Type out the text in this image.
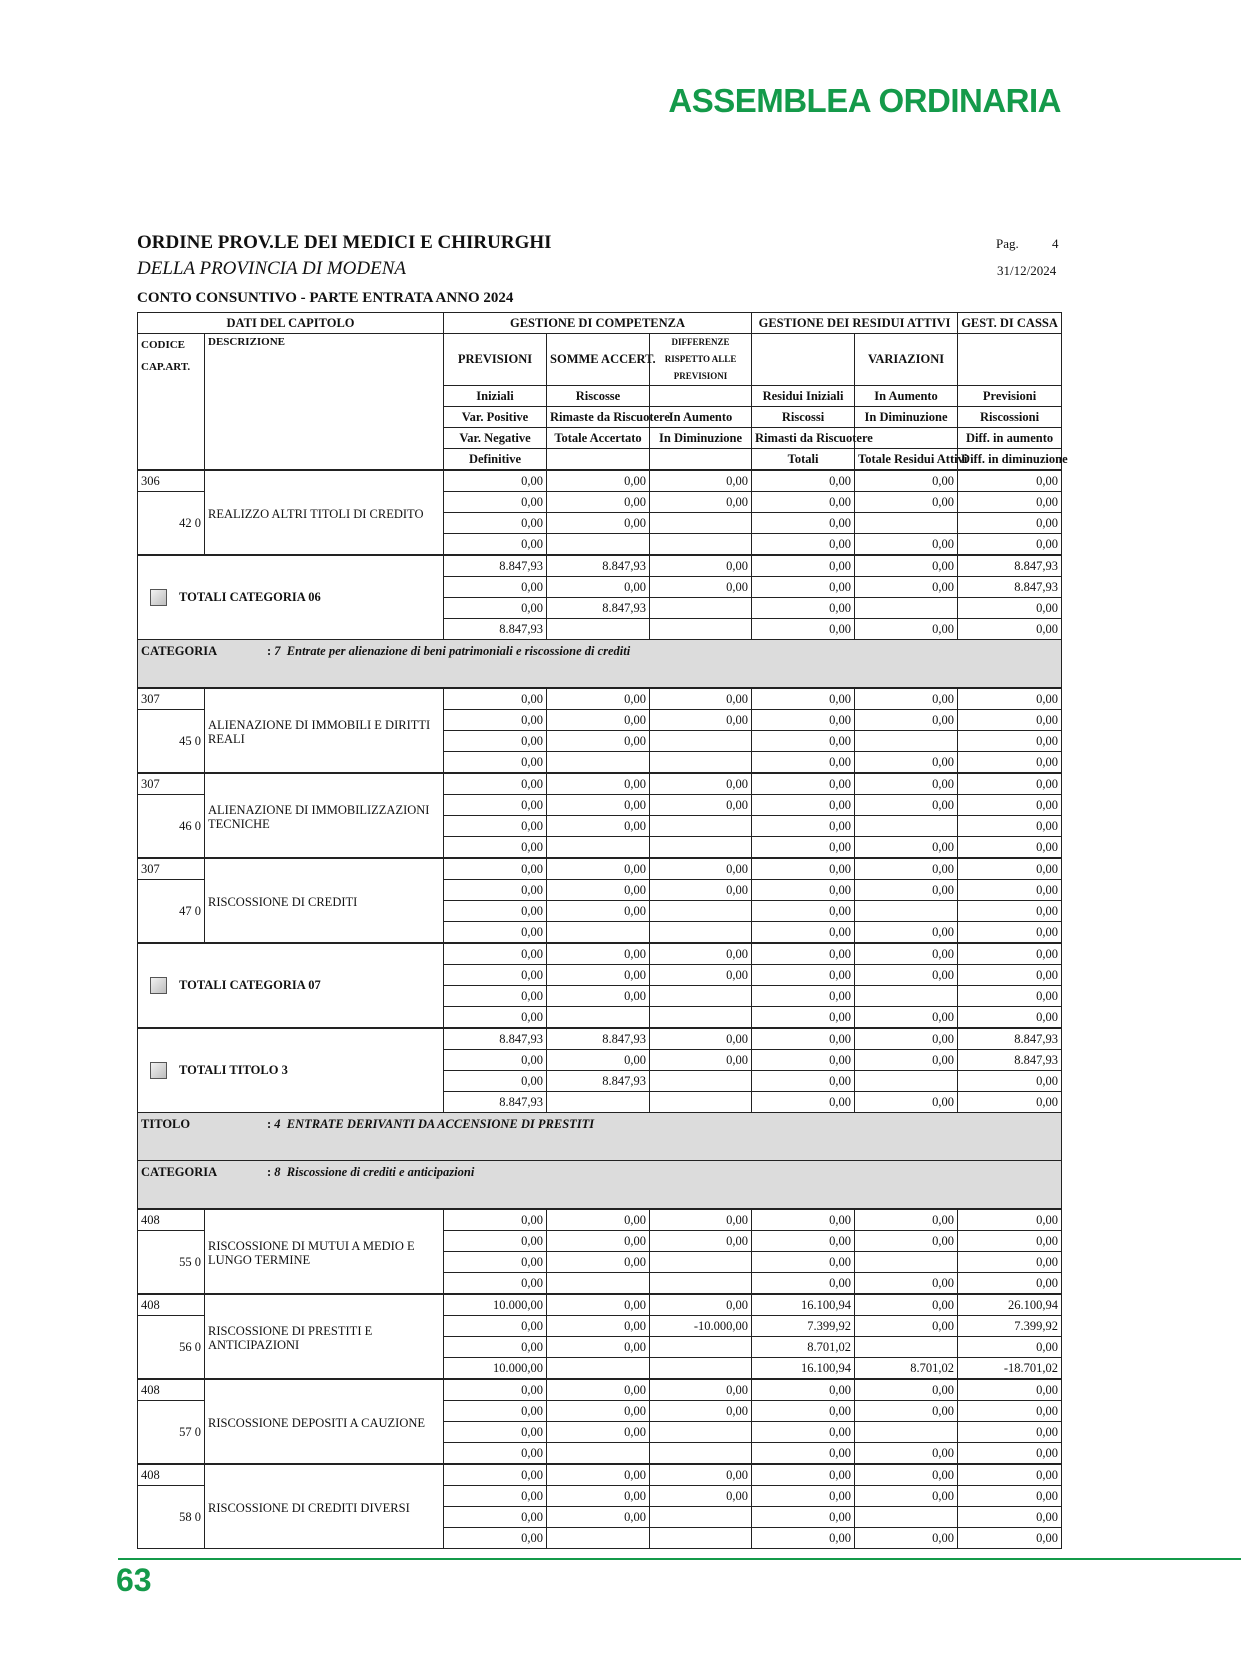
ASSEMBLEA ORDINARIA
ORDINE PROV.LE DEI MEDICI E CHIRURGHI
DELLA PROVINCIA DI MODENA
CONTO CONSUNTIVO - PARTE ENTRATA ANNO 2024
Pag.	4
31/12/2024
DATI DEL CAPITOLO		GESTIONE DI COMPETENZA			GESTIONE DEI RESIDUI ATTIVI		GEST. DI CASSA
CODICE
CAP.ART.	DESCRIZIONE	PREVISIONI	SOMME ACCERT.	DIFFERENZE RISPETTO ALLE PREVISIONI		VARIAZIONI	
		Iniziali	Riscosse		Residui Iniziali	In Aumento	Previsioni
		Var. Positive	Rimaste da Riscuotere	In Aumento	Riscossi	In Diminuzione	Riscossioni
		Var. Negative	Totale Accertato	In Diminuzione	Rimasti da Riscuotere		Diff. in aumento
		Definitive			Totali	Totale Residui Attivi	Diff. in diminuzione
306	REALIZZO ALTRI TITOLI DI CREDITO	0,00	0,00	0,00	0,00	0,00	0,00
42 0		0,00	0,00	0,00	0,00	0,00	0,00
		0,00	0,00		0,00		0,00
		0,00			0,00	0,00	0,00
TOTALI CATEGORIA 06		8.847,93	8.847,93	0,00	0,00	0,00	8.847,93
		0,00	0,00	0,00	0,00	0,00	8.847,93
		0,00	8.847,93		0,00		0,00
		8.847,93			0,00	0,00	0,00
CATEGORIA : 7 Entrate per alienazione di beni patrimoniali e riscossione di crediti							
307	ALIENAZIONE DI IMMOBILI E DIRITTI REALI	0,00	0,00	0,00	0,00	0,00	0,00
45 0		0,00	0,00	0,00	0,00	0,00	0,00
		0,00	0,00		0,00		0,00
		0,00			0,00	0,00	0,00
307	ALIENAZIONE DI IMMOBILIZZAZIONI TECNICHE	0,00	0,00	0,00	0,00	0,00	0,00
46 0		0,00	0,00	0,00	0,00	0,00	0,00
		0,00	0,00		0,00		0,00
		0,00			0,00	0,00	0,00
307	RISCOSSIONE DI CREDITI	0,00	0,00	0,00	0,00	0,00	0,00
47 0		0,00	0,00	0,00	0,00	0,00	0,00
		0,00	0,00		0,00		0,00
		0,00			0,00	0,00	0,00
TOTALI CATEGORIA 07		0,00	0,00	0,00	0,00	0,00	0,00
		0,00	0,00	0,00	0,00	0,00	0,00
		0,00	0,00		0,00		0,00
		0,00			0,00	0,00	0,00
TOTALI TITOLO 3		8.847,93	8.847,93	0,00	0,00	0,00	8.847,93
		0,00	0,00	0,00	0,00	0,00	8.847,93
		0,00	8.847,93		0,00		0,00
		8.847,93			0,00	0,00	0,00
TITOLO : 4 ENTRATE DERIVANTI DA ACCENSIONE DI PRESTITI							
CATEGORIA : 8 Riscossione di crediti e anticipazioni							
408	RISCOSSIONE DI MUTUI A MEDIO E LUNGO TERMINE	0,00	0,00	0,00	0,00	0,00	0,00
55 0		0,00	0,00	0,00	0,00	0,00	0,00
		0,00	0,00		0,00		0,00
		0,00			0,00	0,00	0,00
408	RISCOSSIONE DI PRESTITI E ANTICIPAZIONI	10.000,00	0,00	0,00	16.100,94	0,00	26.100,94
56 0		0,00	0,00	-10.000,00	7.399,92	0,00	7.399,92
		0,00	0,00		8.701,02		0,00
		10.000,00			16.100,94	8.701,02	-18.701,02
408	RISCOSSIONE DEPOSITI A CAUZIONE	0,00	0,00	0,00	0,00	0,00	0,00
57 0		0,00	0,00	0,00	0,00	0,00	0,00
		0,00	0,00		0,00		0,00
		0,00			0,00	0,00	0,00
408	RISCOSSIONE DI CREDITI DIVERSI	0,00	0,00	0,00	0,00	0,00	0,00
58 0		0,00	0,00	0,00	0,00	0,00	0,00
		0,00	0,00		0,00		0,00
		0,00			0,00	0,00	0,00
63
